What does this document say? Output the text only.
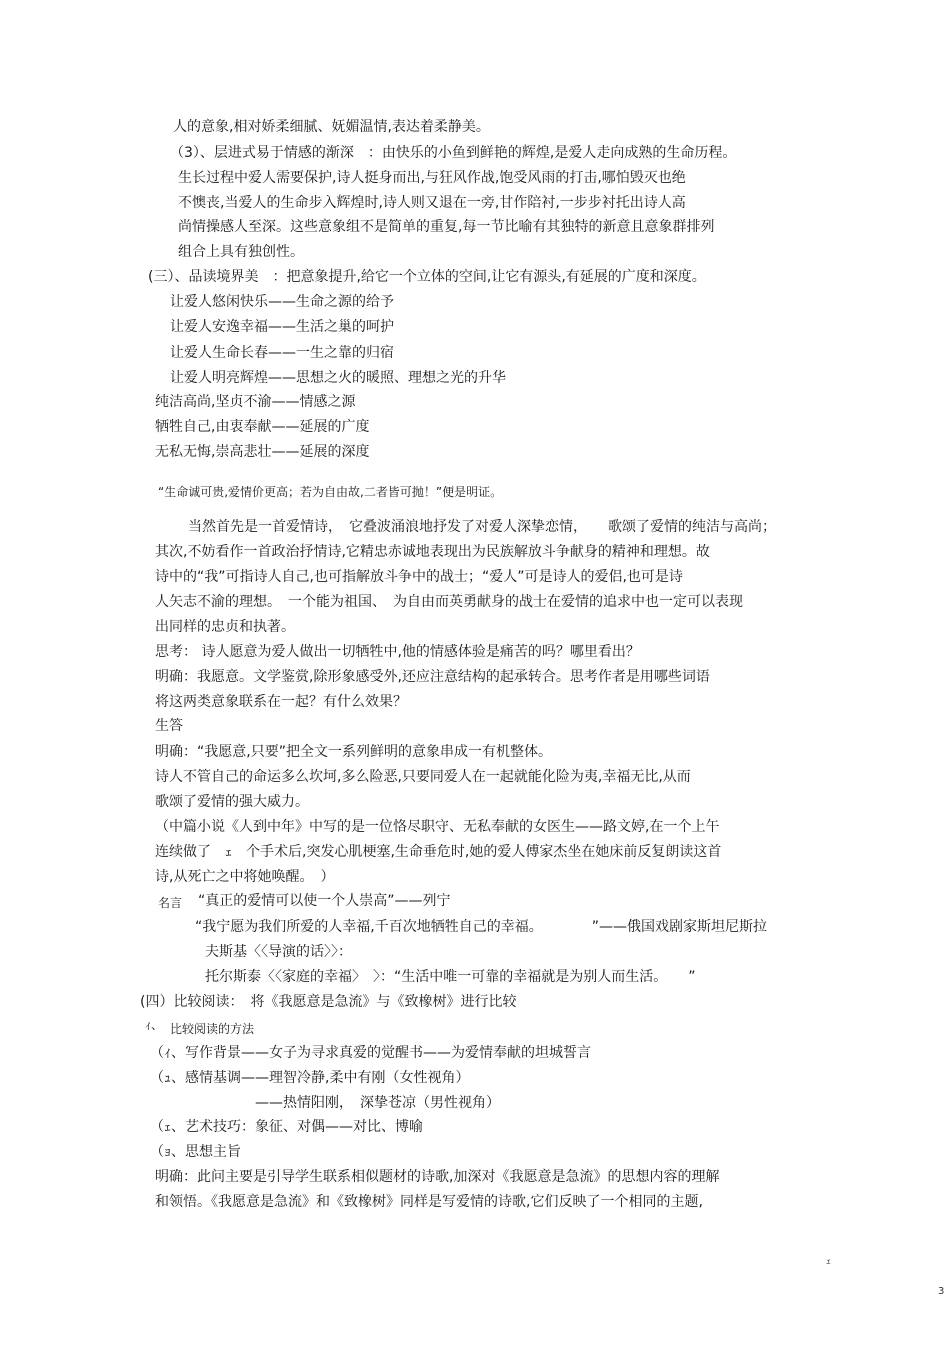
人的意象,相对娇柔细腻、妩媚温情,表达着柔静美。
（3）、层进式易于情感的渐深　：由快乐的小鱼到鲜艳的辉煌,是爱人走向成熟的生命历程。
生长过程中爱人需要保护,诗人挺身而出,与狂风作战,饱受风雨的打击,哪怕毁灭也绝
不懊丧,当爱人的生命步入辉煌时,诗人则又退在一旁,甘作陪衬,一步步衬托出诗人高
尚情操感人至深。这些意象组不是简单的重复,每一节比喻有其独特的新意且意象群排列
组合上具有独创性。
(三）、品读境界美　：把意象提升,给它一个立体的空间,让它有源头,有延展的广度和深度。
让爱人悠闲快乐——生命之源的给予
让爱人安逸幸福——生活之巢的呵护
让爱人生命长春——一生之靠的归宿
让爱人明亮辉煌——思想之火的暖照、理想之光的升华
纯洁高尚,坚贞不渝——情感之源
牺牲自己,由衷奉献——延展的广度
无私无悔,崇高悲壮——延展的深度
“生命诚可贵,爱情价更高；若为自由故,二者皆可抛！”便是明证。
当然首先是一首爱情诗，　它叠波涌浪地抒发了对爱人深挚恋情，　　歌颂了爱情的纯洁与高尚；
其次,不妨看作一首政治抒情诗,它精忠赤诚地表现出为民族解放斗争献身的精神和理想。故
诗中的“我”可指诗人自己,也可指解放斗争中的战士；“爱人”可是诗人的爱侣,也可是诗
人矢志不渝的理想。　一个能为祖国、　为自由而英勇献身的战士在爱情的追求中也一定可以表现
出同样的忠贞和执著。
思考： 诗人愿意为爱人做出一切牺牲中,他的情感体验是痛苦的吗？哪里看出？
明确：我愿意。文学鉴赏,除形象感受外,还应注意结构的起承转合。思考作者是用哪些词语
将这两类意象联系在一起？有什么效果？
生答
明确：“我愿意,只要”把全文一系列鲜明的意象串成一有机整体。
诗人不管自己的命运多么坎坷,多么险恶,只要同爱人在一起就能化险为夷,幸福无比,从而
歌颂了爱情的强大威力。
（中篇小说《人到中年》中写的是一位恪尽职守、无私奉献的女医生——路文婷,在一个上午
连续做了　ｪ　个手术后,突发心肌梗塞,生命垂危时,她的爱人傅家杰坐在她床前反复朗读这首
诗,从死亡之中将她唤醒。　）
名言 “真正的爱情可以使一个人崇高”——列宁
“我宁愿为我们所爱的人幸福,千百次地牺牲自己的幸福。　　　　”——俄国戏剧家斯坦尼斯拉
夫斯基〈〈导演的话〉〉：
托尔斯泰〈〈家庭的幸福〉　〉：“生活中唯一可靠的幸福就是为别人而生活。　　”
(四）比较阅读：　将《我愿意是急流》与《致橡树》进行比较
ｨ、 比较阅读的方法
（ｨ、写作背景——女子为寻求真爱的觉醒书——为爱情奉献的坦城誓言
（ｭ、感情基调——理智冷静,柔中有刚（女性视角）
——热情阳刚，　深挚苍凉（男性视角）
（ｪ、艺术技巧：象征、对偶——对比、博喻
（ｮ、思想主旨
明确：此问主要是引导学生联系相似题材的诗歌,加深对《我愿意是急流》的思想内容的理解
和领悟。《我愿意是急流》和《致橡树》同样是写爱情的诗歌,它们反映了一个相同的主题,
ｪ
3
